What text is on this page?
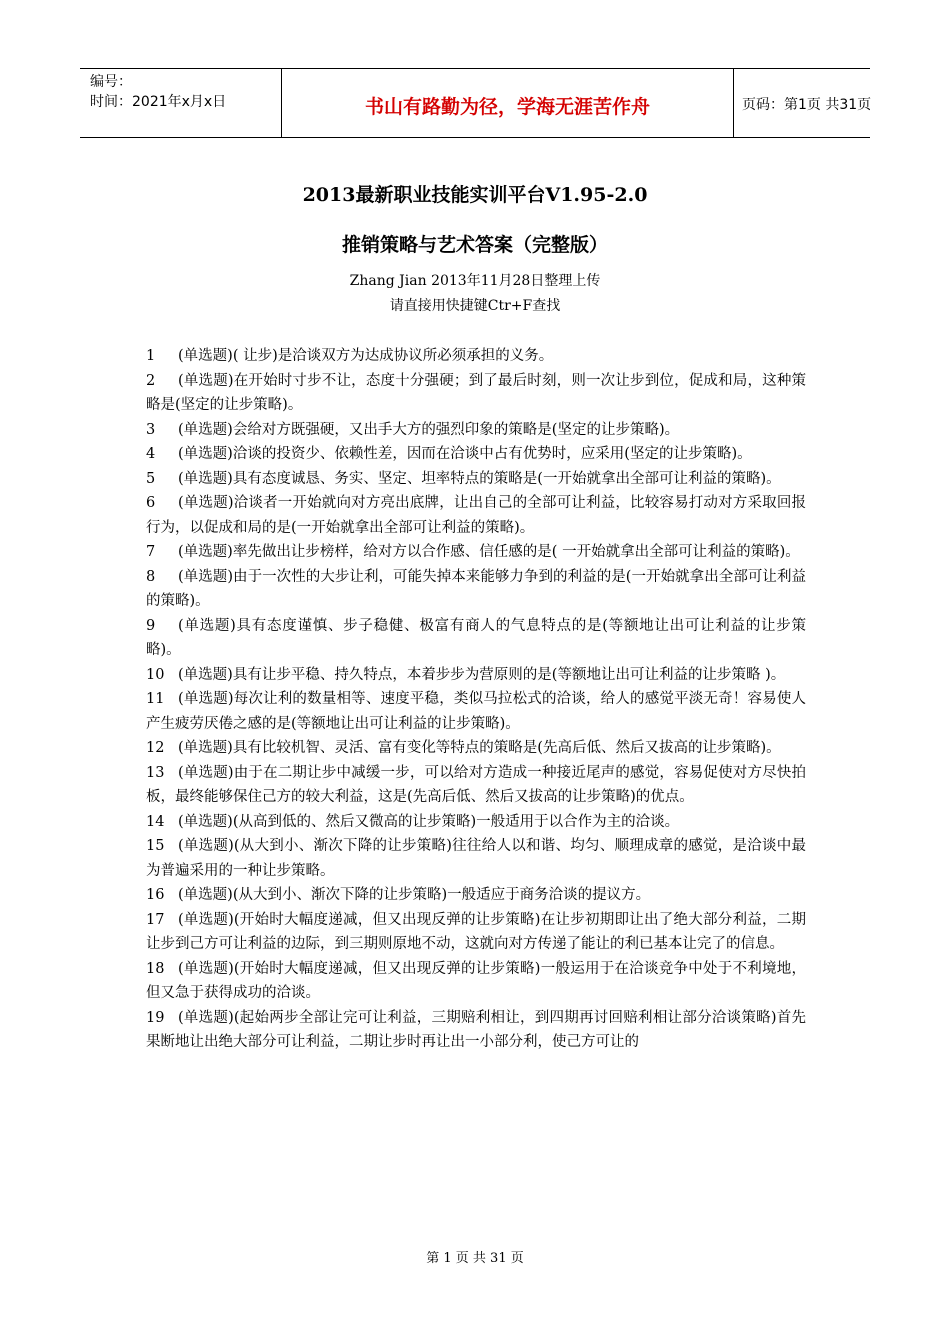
编号：
时间：2021年x月x日	书山有路勤为径，学海无涯苦作舟	页码：第1页 共31页
2013最新职业技能实训平台V1.95-2.0
推销策略与艺术答案（完整版）
Zhang Jian 2013年11月28日整理上传
请直接用快捷键Ctr+F查找

1 (单选题)( 让步)是洽谈双方为达成协议所必须承担的义务。

2 (单选题)在开始时寸步不让，态度十分强硬；到了最后时刻，则一次让步到位，促成和局，这种策略是(坚定的让步策略)。

3 (单选题)会给对方既强硬，又出手大方的强烈印象的策略是(坚定的让步策略)。

4 (单选题)洽谈的投资少、依赖性差，因而在洽谈中占有优势时，应采用(坚定的让步策略)。

5 (单选题)具有态度诚恳、务实、坚定、坦率特点的策略是(一开始就拿出全部可让利益的策略)。

6 (单选题)洽谈者一开始就向对方亮出底牌，让出自己的全部可让利益，比较容易打动对方采取回报行为，以促成和局的是(一开始就拿出全部可让利益的策略)。

7 (单选题)率先做出让步榜样，给对方以合作感、信任感的是( 一开始就拿出全部可让利益的策略)。

8 (单选题)由于一次性的大步让利，可能失掉本来能够力争到的利益的是(一开始就拿出全部可让利益的策略)。

9 (单选题)具有态度谨慎、步子稳健、极富有商人的气息特点的是(等额地让出可让利益的让步策略)。

10 (单选题)具有让步平稳、持久特点，本着步步为营原则的是(等额地让出可让利益的让步策略 )。

11 (单选题)每次让利的数量相等、速度平稳，类似马拉松式的洽谈，给人的感觉平淡无奇！容易使人产生疲劳厌倦之感的是(等额地让出可让利益的让步策略)。

12 (单选题)具有比较机智、灵活、富有变化等特点的策略是(先高后低、然后又拔高的让步策略)。

13 (单选题)由于在二期让步中减缓一步，可以给对方造成一种接近尾声的感觉，容易促使对方尽快拍板，最终能够保住己方的较大利益，这是(先高后低、然后又拔高的让步策略)的优点。

14 (单选题)(从高到低的、然后又微高的让步策略)一般适用于以合作为主的洽谈。

15 (单选题)(从大到小、渐次下降的让步策略)往往给人以和谐、均匀、顺理成章的感觉，是洽谈中最为普遍采用的一种让步策略。

16 (单选题)(从大到小、渐次下降的让步策略)一般适应于商务洽谈的提议方。

17 (单选题)(开始时大幅度递减，但又出现反弹的让步策略)在让步初期即让出了绝大部分利益，二期让步到己方可让利益的边际，到三期则原地不动，这就向对方传递了能让的利已基本让完了的信息。

18 (单选题)(开始时大幅度递减，但又出现反弹的让步策略)一般运用于在洽谈竞争中处于不利境地，但又急于获得成功的洽谈。

19 (单选题)(起始两步全部让完可让利益，三期赔利相让，到四期再讨回赔利相让部分洽谈策略)首先果断地让出绝大部分可让利益，二期让步时再让出一小部分利，使己方可让的

第 1 页 共 31 页
